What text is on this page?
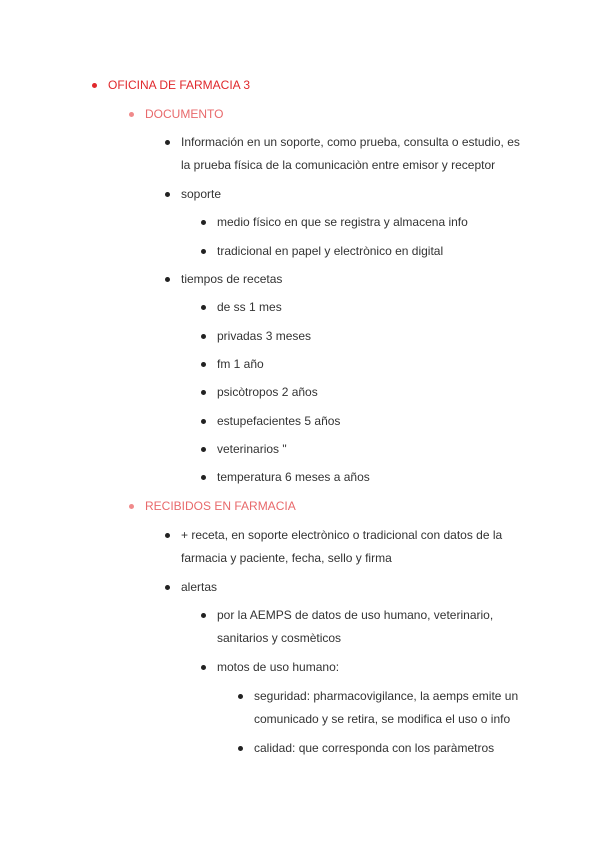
OFICINA DE FARMACIA 3
DOCUMENTO
Información en un soporte, como prueba, consulta o estudio, es
la prueba física de la comunicaciòn entre emisor y receptor
soporte
medio físico en que se registra y almacena info
tradicional en papel y electrònico en digital
tiempos de recetas
de ss 1 mes
privadas 3 meses
fm 1 año
psicòtropos 2 años
estupefacientes 5 años
veterinarios "
temperatura 6 meses a años
RECIBIDOS EN FARMACIA
+ receta, en soporte electrònico o tradicional con datos de la
farmacia y paciente, fecha, sello y firma
alertas
por la AEMPS de datos de uso humano, veterinario,
sanitarios y cosmèticos
motos de uso humano:
seguridad: pharmacovigilance, la aemps emite un
comunicado y se retira, se modifica el uso o info
calidad: que corresponda con los paràmetros
